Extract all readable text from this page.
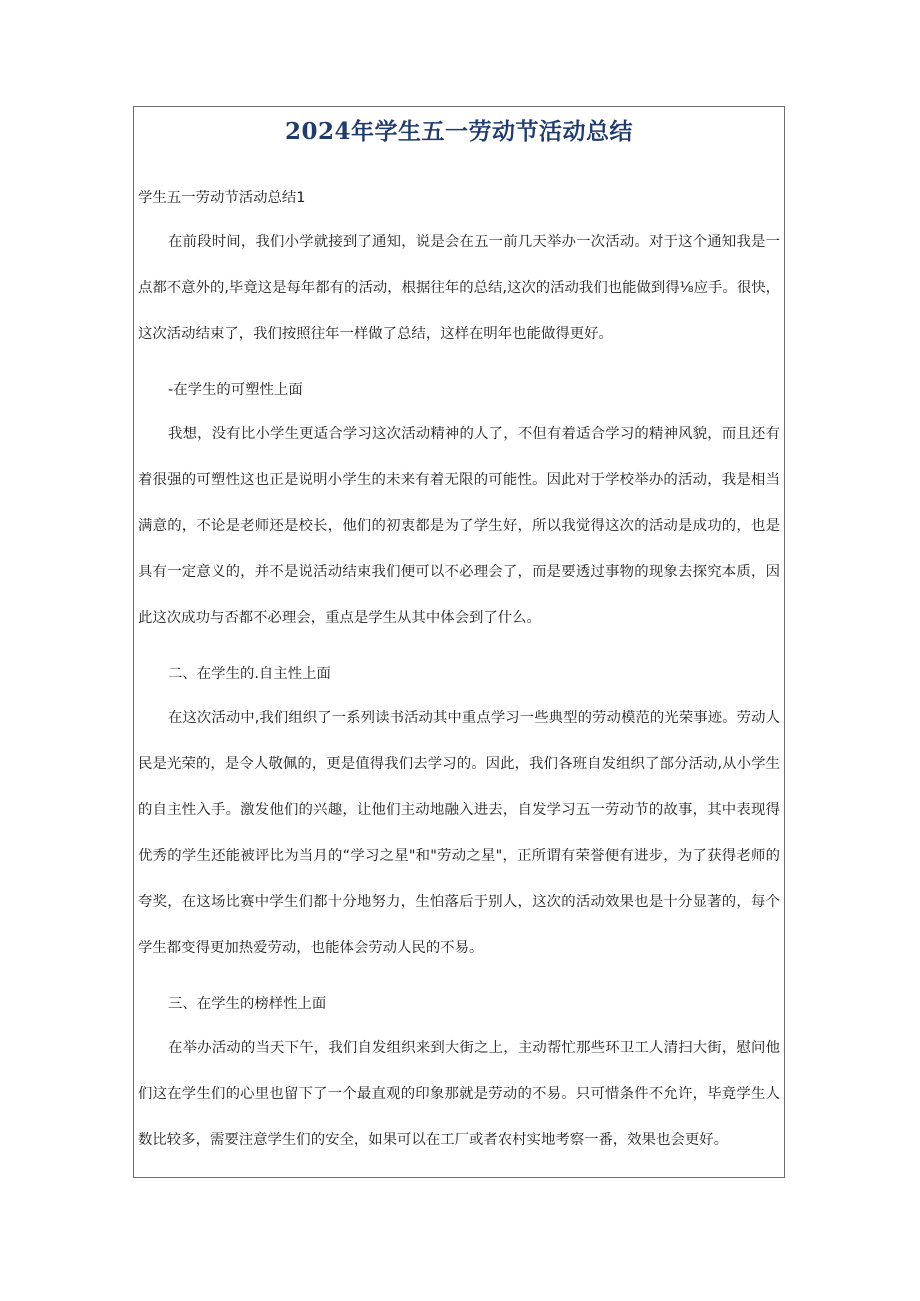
2024年学生五一劳动节活动总结

学生五一劳动节活动总结1

在前段时间，我们小学就接到了通知，说是会在五一前几天举办一次活动。对于这个通知我是一点都不意外的,毕竟这是每年都有的活动，根据往年的总结,这次的活动我们也能做到得⅛应手。很快，这次活动结束了，我们按照往年一样做了总结，这样在明年也能做得更好。

-在学生的可塑性上面

我想，没有比小学生更适合学习这次活动精神的人了，不但有着适合学习的精神风貌，而且还有着很强的可塑性这也正是说明小学生的未来有着无限的可能性。因此对于学校举办的活动，我是相当满意的，不论是老师还是校长，他们的初衷都是为了学生好，所以我觉得这次的活动是成功的，也是具有一定意义的，并不是说活动结束我们便可以不必理会了，而是要透过事物的现象去探究本质，因此这次成功与否都不必理会，重点是学生从其中体会到了什么。

二、在学生的.自主性上面

在这次活动中,我们组织了一系列读书活动其中重点学习一些典型的劳动模范的光荣事迹。劳动人民是光荣的，是令人敬佩的，更是值得我们去学习的。因此，我们各班自发组织了部分活动,从小学生的自主性入手。激发他们的兴趣，让他们主动地融入进去，自发学习五一劳动节的故事，其中表现得优秀的学生还能被评比为当月的“学习之星"和"劳动之星"，正所谓有荣誉便有进步，为了获得老师的夸奖，在这场比赛中学生们都十分地努力，生怕落后于别人，这次的活动效果也是十分显著的，每个学生都变得更加热爱劳动，也能体会劳动人民的不易。

三、在学生的榜样性上面

在举办活动的当天下午，我们自发组织来到大街之上，主动帮忙那些环卫工人清扫大街，慰问他们这在学生们的心里也留下了一个最直观的印象那就是劳动的不易。只可惜条件不允许，毕竟学生人数比较多，需要注意学生们的安全，如果可以在工厂或者农村实地考察一番，效果也会更好。
